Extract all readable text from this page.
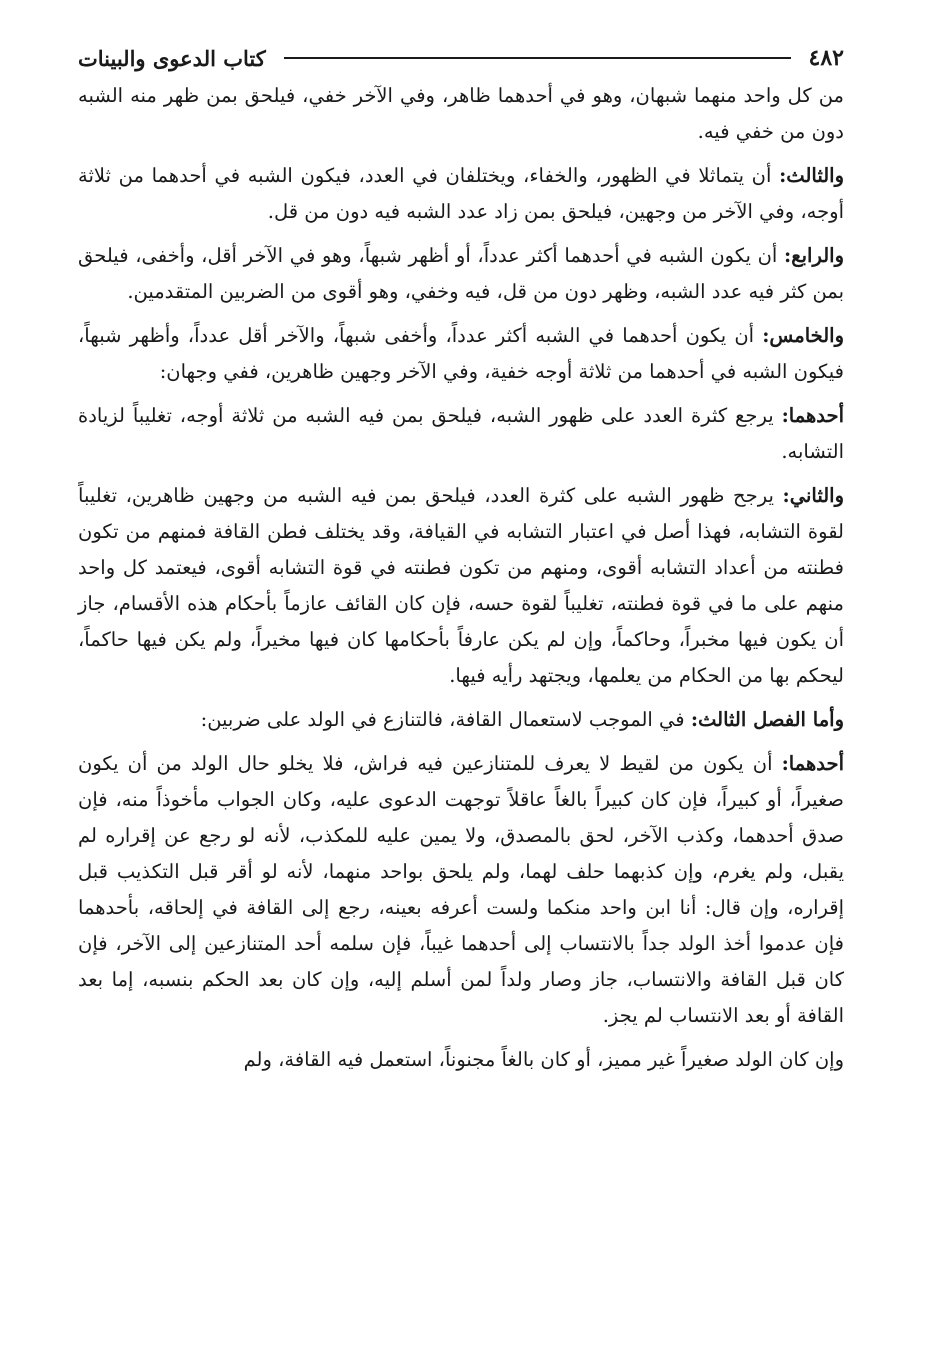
٤٨٢
كتاب الدعوى والبينات

من كل واحد منهما شبهان، وهو في أحدهما ظاهر، وفي الآخر خفي، فيلحق بمن ظهر منه الشبه دون من خفي فيه.

والثالث: أن يتماثلا في الظهور، والخفاء، ويختلفان في العدد، فيكون الشبه في أحدهما من ثلاثة أوجه، وفي الآخر من وجهين، فيلحق بمن زاد عدد الشبه فيه دون من قل.

والرابع: أن يكون الشبه في أحدهما أكثر عدداً، أو أظهر شبهاً، وهو في الآخر أقل، وأخفى، فيلحق بمن كثر فيه عدد الشبه، وظهر دون من قل، فيه وخفي، وهو أقوى من الضربين المتقدمين.

والخامس: أن يكون أحدهما في الشبه أكثر عدداً، وأخفى شبهاً، والآخر أقل عدداً، وأظهر شبهاً، فيكون الشبه في أحدهما من ثلاثة أوجه خفية، وفي الآخر وجهين ظاهرين، ففي وجهان:

أحدهما: يرجع كثرة العدد على ظهور الشبه، فيلحق بمن فيه الشبه من ثلاثة أوجه، تغليباً لزيادة التشابه.

والثاني: يرجح ظهور الشبه على كثرة العدد، فيلحق بمن فيه الشبه من وجهين ظاهرين، تغليباً لقوة التشابه، فهذا أصل في اعتبار التشابه في القيافة، وقد يختلف فطن القافة فمنهم من تكون فطنته من أعداد التشابه أقوى، ومنهم من تكون فطنته في قوة التشابه أقوى، فيعتمد كل واحد منهم على ما في قوة فطنته، تغليباً لقوة حسه، فإن كان القائف عازماً بأحكام هذه الأقسام، جاز أن يكون فيها مخبراً، وحاكماً، وإن لم يكن عارفاً بأحكامها كان فيها مخيراً، ولم يكن فيها حاكماً، ليحكم بها من الحكام من يعلمها، ويجتهد رأيه فيها.

وأما الفصل الثالث: في الموجب لاستعمال القافة، فالتنازع في الولد على ضربين:

أحدهما: أن يكون من لقيط لا يعرف للمتنازعين فيه فراش، فلا يخلو حال الولد من أن يكون صغيراً، أو كبيراً، فإن كان كبيراً بالغاً عاقلاً توجهت الدعوى عليه، وكان الجواب مأخوذاً منه، فإن صدق أحدهما، وكذب الآخر، لحق بالمصدق، ولا يمين عليه للمكذب، لأنه لو رجع عن إقراره لم يقبل، ولم يغرم، وإن كذبهما حلف لهما، ولم يلحق بواحد منهما، لأنه لو أقر قبل التكذيب قبل إقراره، وإن قال: أنا ابن واحد منكما ولست أعرفه بعينه، رجع إلى القافة في إلحاقه، بأحدهما فإن عدموا أخذ الولد جداً بالانتساب إلى أحدهما غيباً، فإن سلمه أحد المتنازعين إلى الآخر، فإن كان قبل القافة والانتساب، جاز وصار ولداً لمن أسلم إليه، وإن كان بعد الحكم بنسبه، إما بعد القافة أو بعد الانتساب لم يجز.

وإن كان الولد صغيراً غير مميز، أو كان بالغاً مجنوناً، استعمل فيه القافة، ولم
